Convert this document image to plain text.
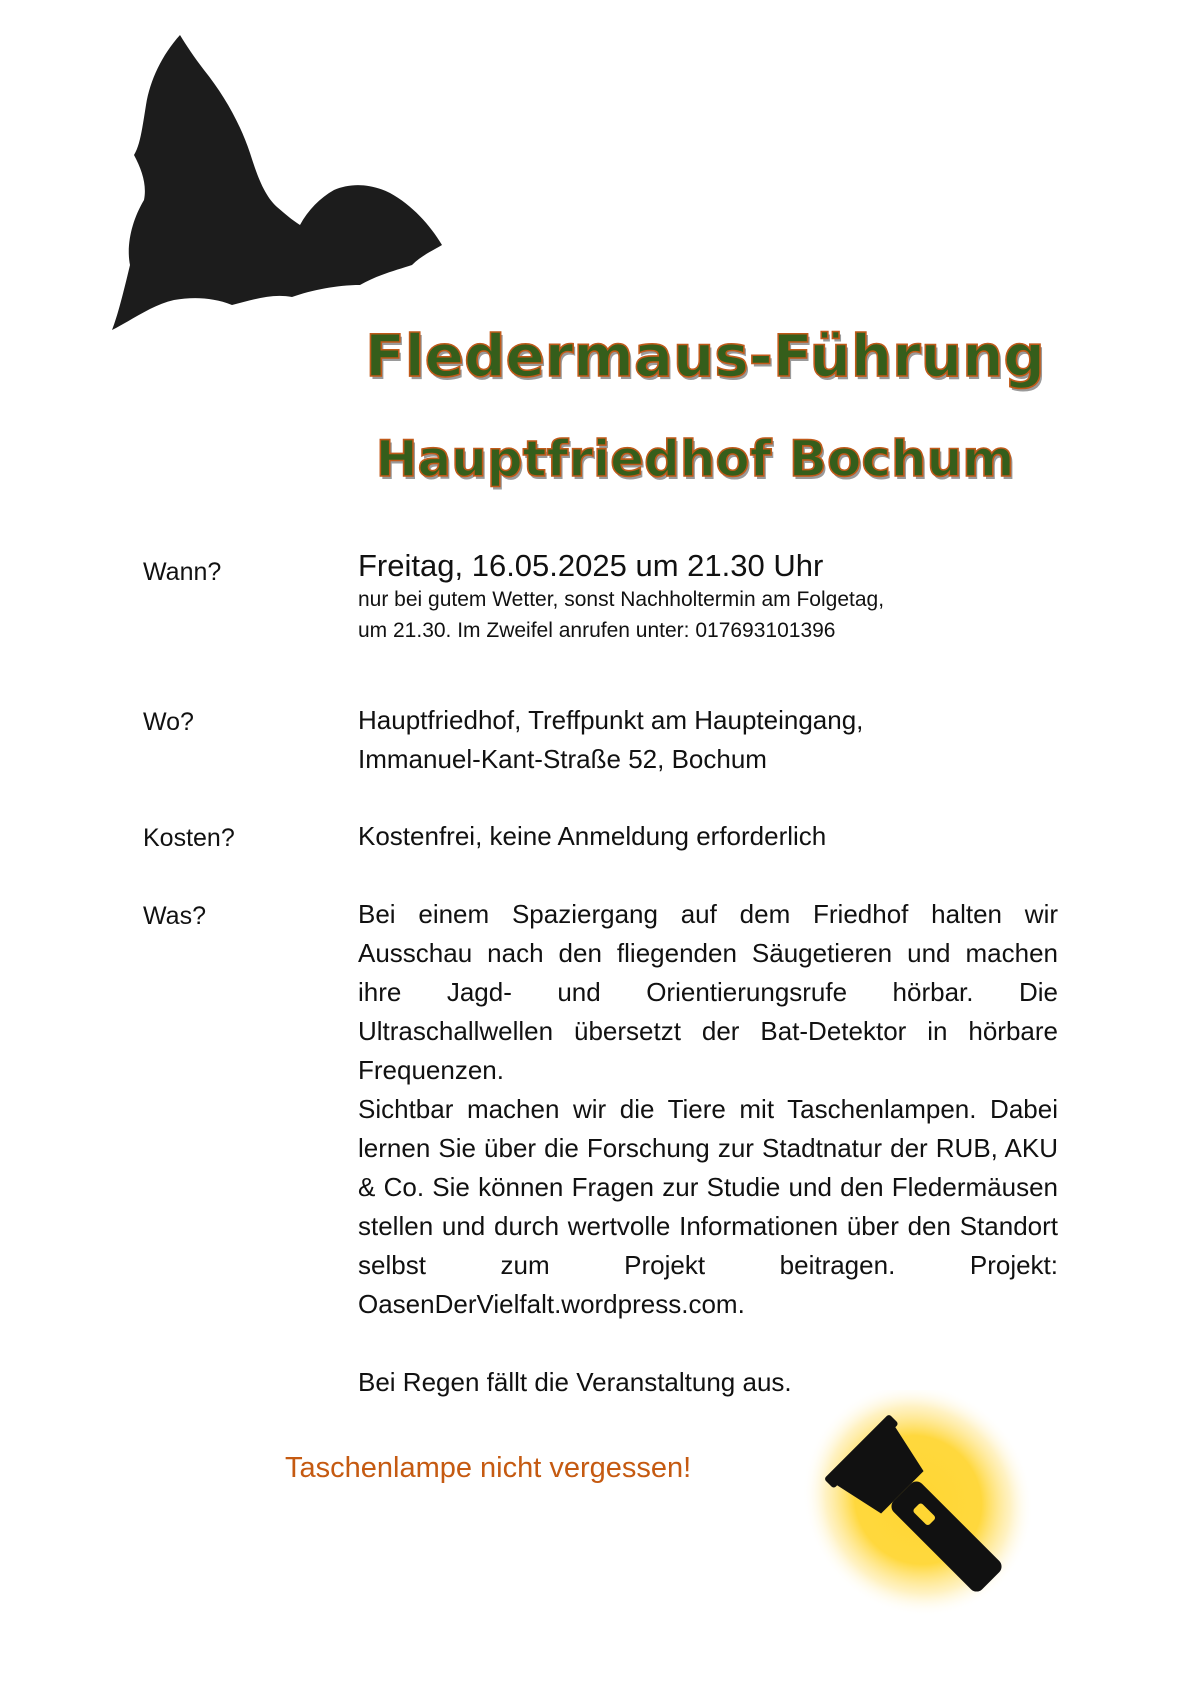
Fledermaus-Führung
Hauptfriedhof Bochum
Wann?	Freitag, 16.05.2025 um 21.30 Uhr
nur bei gutem Wetter, sonst Nachholtermin am Folgetag,
um 21.30. Im Zweifel anrufen unter: 017693101396
Wo?	Hauptfriedhof, Treffpunkt am Haupteingang,
Immanuel-Kant-Straße 52, Bochum
Kosten?	Kostenfrei, keine Anmeldung erforderlich
Was?	Bei einem Spaziergang auf dem Friedhof halten wir Ausschau nach den fliegenden Säugetieren und machen ihre Jagd- und Orientierungsrufe hörbar. Die Ultraschallwellen übersetzt der Bat-Detektor in hörbare Frequenzen.

Sichtbar machen wir die Tiere mit Taschenlampen. Dabei lernen Sie über die Forschung zur Stadtnatur der RUB, AKU & Co. Sie können Fragen zur Studie und den Fledermäusen stellen und durch wertvolle Informationen über den Standort selbst zum Projekt beitragen. Projekt: OasenDerVielfalt.wordpress.com.

Bei Regen fällt die Veranstaltung aus.

Taschenlampe nicht vergessen!
